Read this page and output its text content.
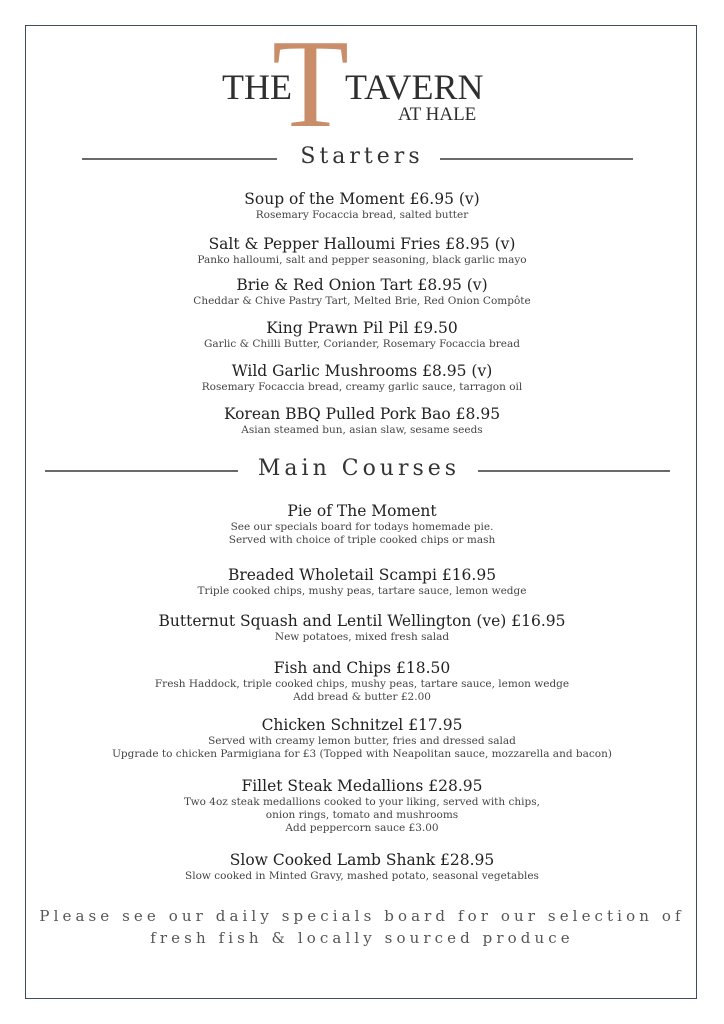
T
THE TAVERN
AT HALE
Starters
Soup of the Moment £6.95 (v)
Rosemary Focaccia bread, salted butter
Salt & Pepper Halloumi Fries £8.95 (v)
Panko halloumi, salt and pepper seasoning, black garlic mayo
Brie & Red Onion Tart £8.95 (v)
Cheddar & Chive Pastry Tart, Melted Brie, Red Onion Compôte
King Prawn Pil Pil £9.50
Garlic & Chilli Butter, Coriander, Rosemary Focaccia bread
Wild Garlic Mushrooms £8.95 (v)
Rosemary Focaccia bread, creamy garlic sauce, tarragon oil
Korean BBQ Pulled Pork Bao £8.95
Asian steamed bun, asian slaw, sesame seeds
Main Courses
Pie of The Moment
See our specials board for todays homemade pie.
Served with choice of triple cooked chips or mash
Breaded Wholetail Scampi £16.95
Triple cooked chips, mushy peas, tartare sauce, lemon wedge
Butternut Squash and Lentil Wellington (ve) £16.95
New potatoes, mixed fresh salad
Fish and Chips £18.50
Fresh Haddock, triple cooked chips, mushy peas, tartare sauce, lemon wedge
Add bread & butter £2.00
Chicken Schnitzel £17.95
Served with creamy lemon butter, fries and dressed salad
Upgrade to chicken Parmigiana for £3 (Topped with Neapolitan sauce, mozzarella and bacon)
Fillet Steak Medallions £28.95
Two 4oz steak medallions cooked to your liking, served with chips,
onion rings, tomato and mushrooms
Add peppercorn sauce £3.00
Slow Cooked Lamb Shank £28.95
Slow cooked in Minted Gravy, mashed potato, seasonal vegetables
Please see our daily specials board for our selection of
fresh fish & locally sourced produce
